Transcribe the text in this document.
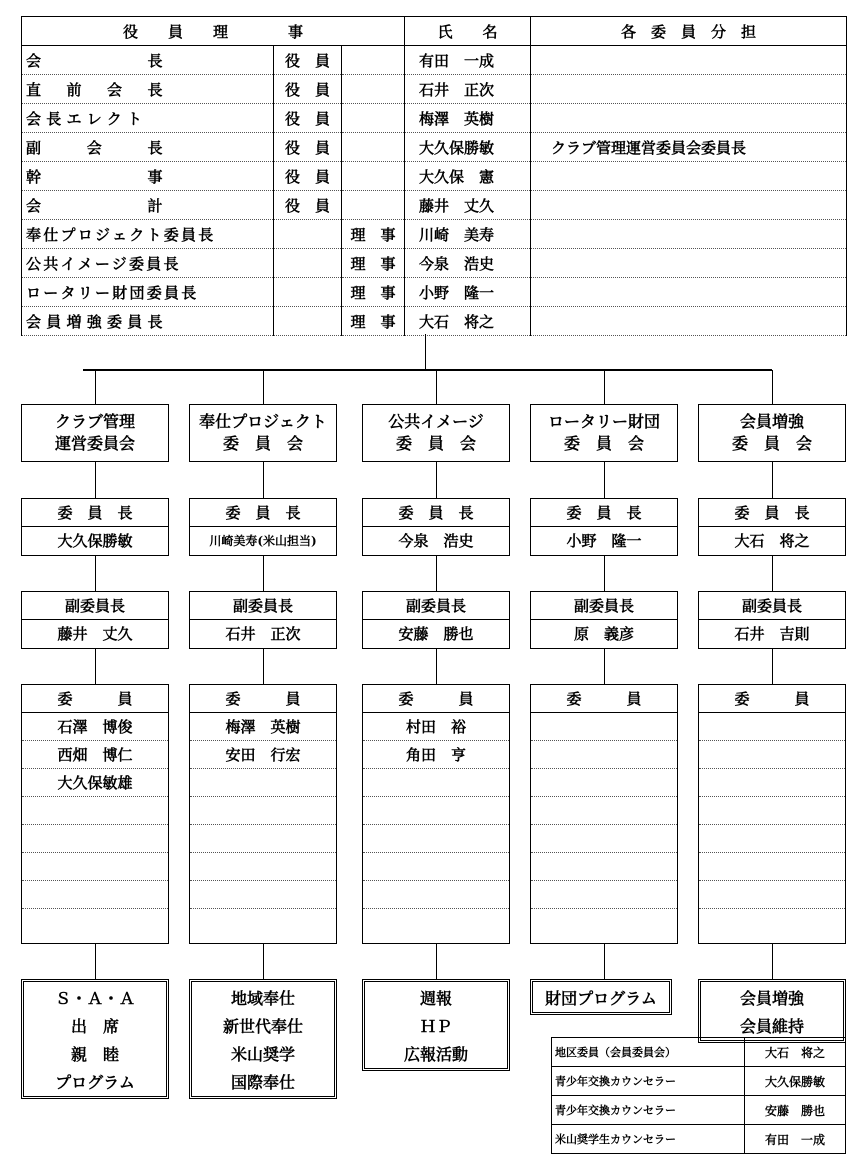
役　　員　　理　　　　事			氏　　名	各　委　員　分　担
会　　　　　長	役　員		有田　一成	
直　前　会　長	役　員		石井　正次	
会長エレクト	役　員		梅澤　英樹	
副　　会　　長	役　員		大久保勝敏	クラブ管理運営委員会委員長
幹　　　　　事	役　員		大久保　憲	
会　　　　　計	役　員		藤井　丈久	
奉仕プロジェクト委員長		理　事	川崎　美寿	
公共イメージ委員長		理　事	今泉　浩史	
ロータリー財団委員長		理　事	小野　隆一	
会員増強委員長		理　事	大石　将之	
クラブ管理
運営委員会
委　員　長
大久保勝敏
副委員長
藤井　丈久
委　　　員
石澤　博俊
西畑　博仁
大久保敏雄
Ｓ・Ａ・Ａ
出　席
親　睦
プログラム
奉仕プロジェクト
委　員　会
委　員　長
川崎美寿(米山担当)
副委員長
石井　正次
委　　　員
梅澤　英樹
安田　行宏
地域奉仕
新世代奉仕
米山奨学
国際奉仕
公共イメージ
委　員　会
委　員　長
今泉　浩史
副委員長
安藤　勝也
委　　　員
村田　裕
角田　亨
週報
ＨＰ
広報活動
ロータリー財団
委　員　会
委　員　長
小野　隆一
副委員長
原　義彦
委　　　員
財団プログラム
会員増強
委　員　会
委　員　長
大石　将之
副委員長
石井　吉則
委　　　員
会員増強
会員維持
地区委員（会員委員会）	大石　将之
青少年交換カウンセラー	大久保勝敏
青少年交換カウンセラー	安藤　勝也
米山奨学生カウンセラー	有田　一成
